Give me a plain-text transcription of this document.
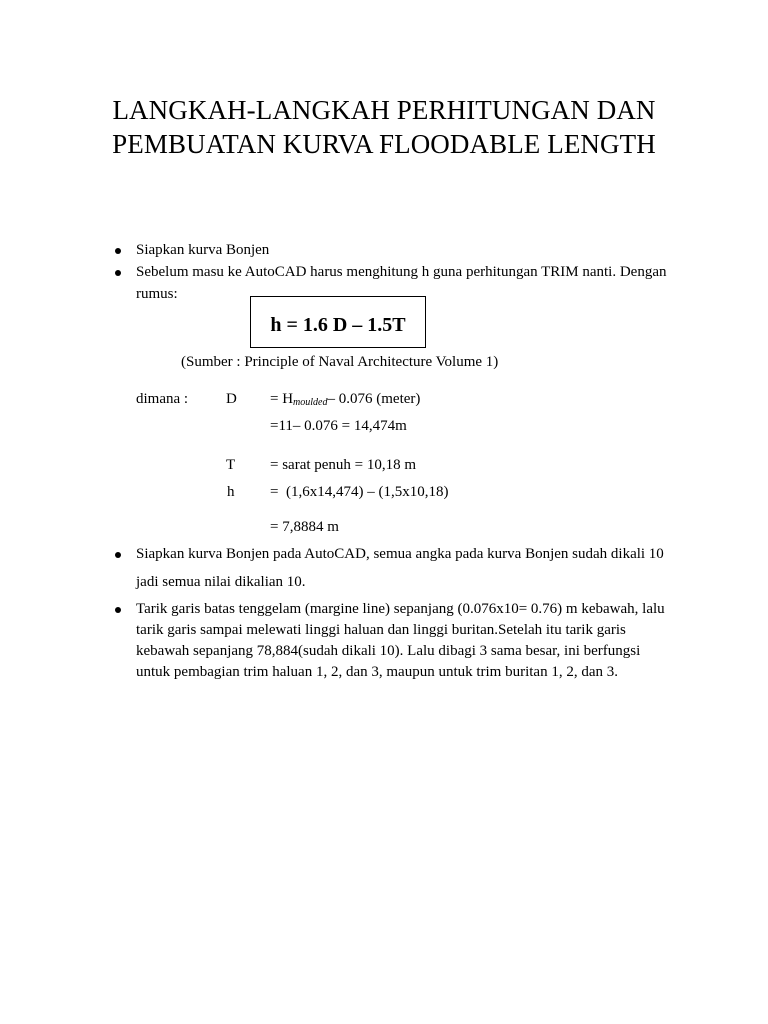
LANGKAH-LANGKAH PERHITUNGAN DAN
PEMBUATAN KURVA FLOODABLE LENGTH
Siapkan kurva Bonjen
Sebelum masu ke AutoCAD harus menghitung h guna perhitungan TRIM nanti. Dengan
rumus:
h = 1.6 D – 1.5T
(Sumber : Principle of Naval Architecture Volume 1)
dimana :	$D = H_{moulded}-$ 0.076 (meter)
=11– 0.076 = 14,474m
T = sarat penuh = 10,18 m
h =  (1,6x14,474) – (1,5x10,18)
= 7,8884 m
Siapkan kurva Bonjen pada AutoCAD, semua angka pada kurva Bonjen sudah dikali 10
jadi semua nilai dikalian 10.
Tarik garis batas tenggelam (margine line) sepanjang (0.076x10= 0.76) m kebawah, lalu
tarik garis sampai melewati linggi haluan dan linggi buritan.Setelah itu tarik garis
kebawah sepanjang 78,884(sudah dikali 10). Lalu dibagi 3 sama besar, ini berfungsi
untuk pembagian trim haluan 1, 2, dan 3, maupun untuk trim buritan 1, 2, dan 3.
